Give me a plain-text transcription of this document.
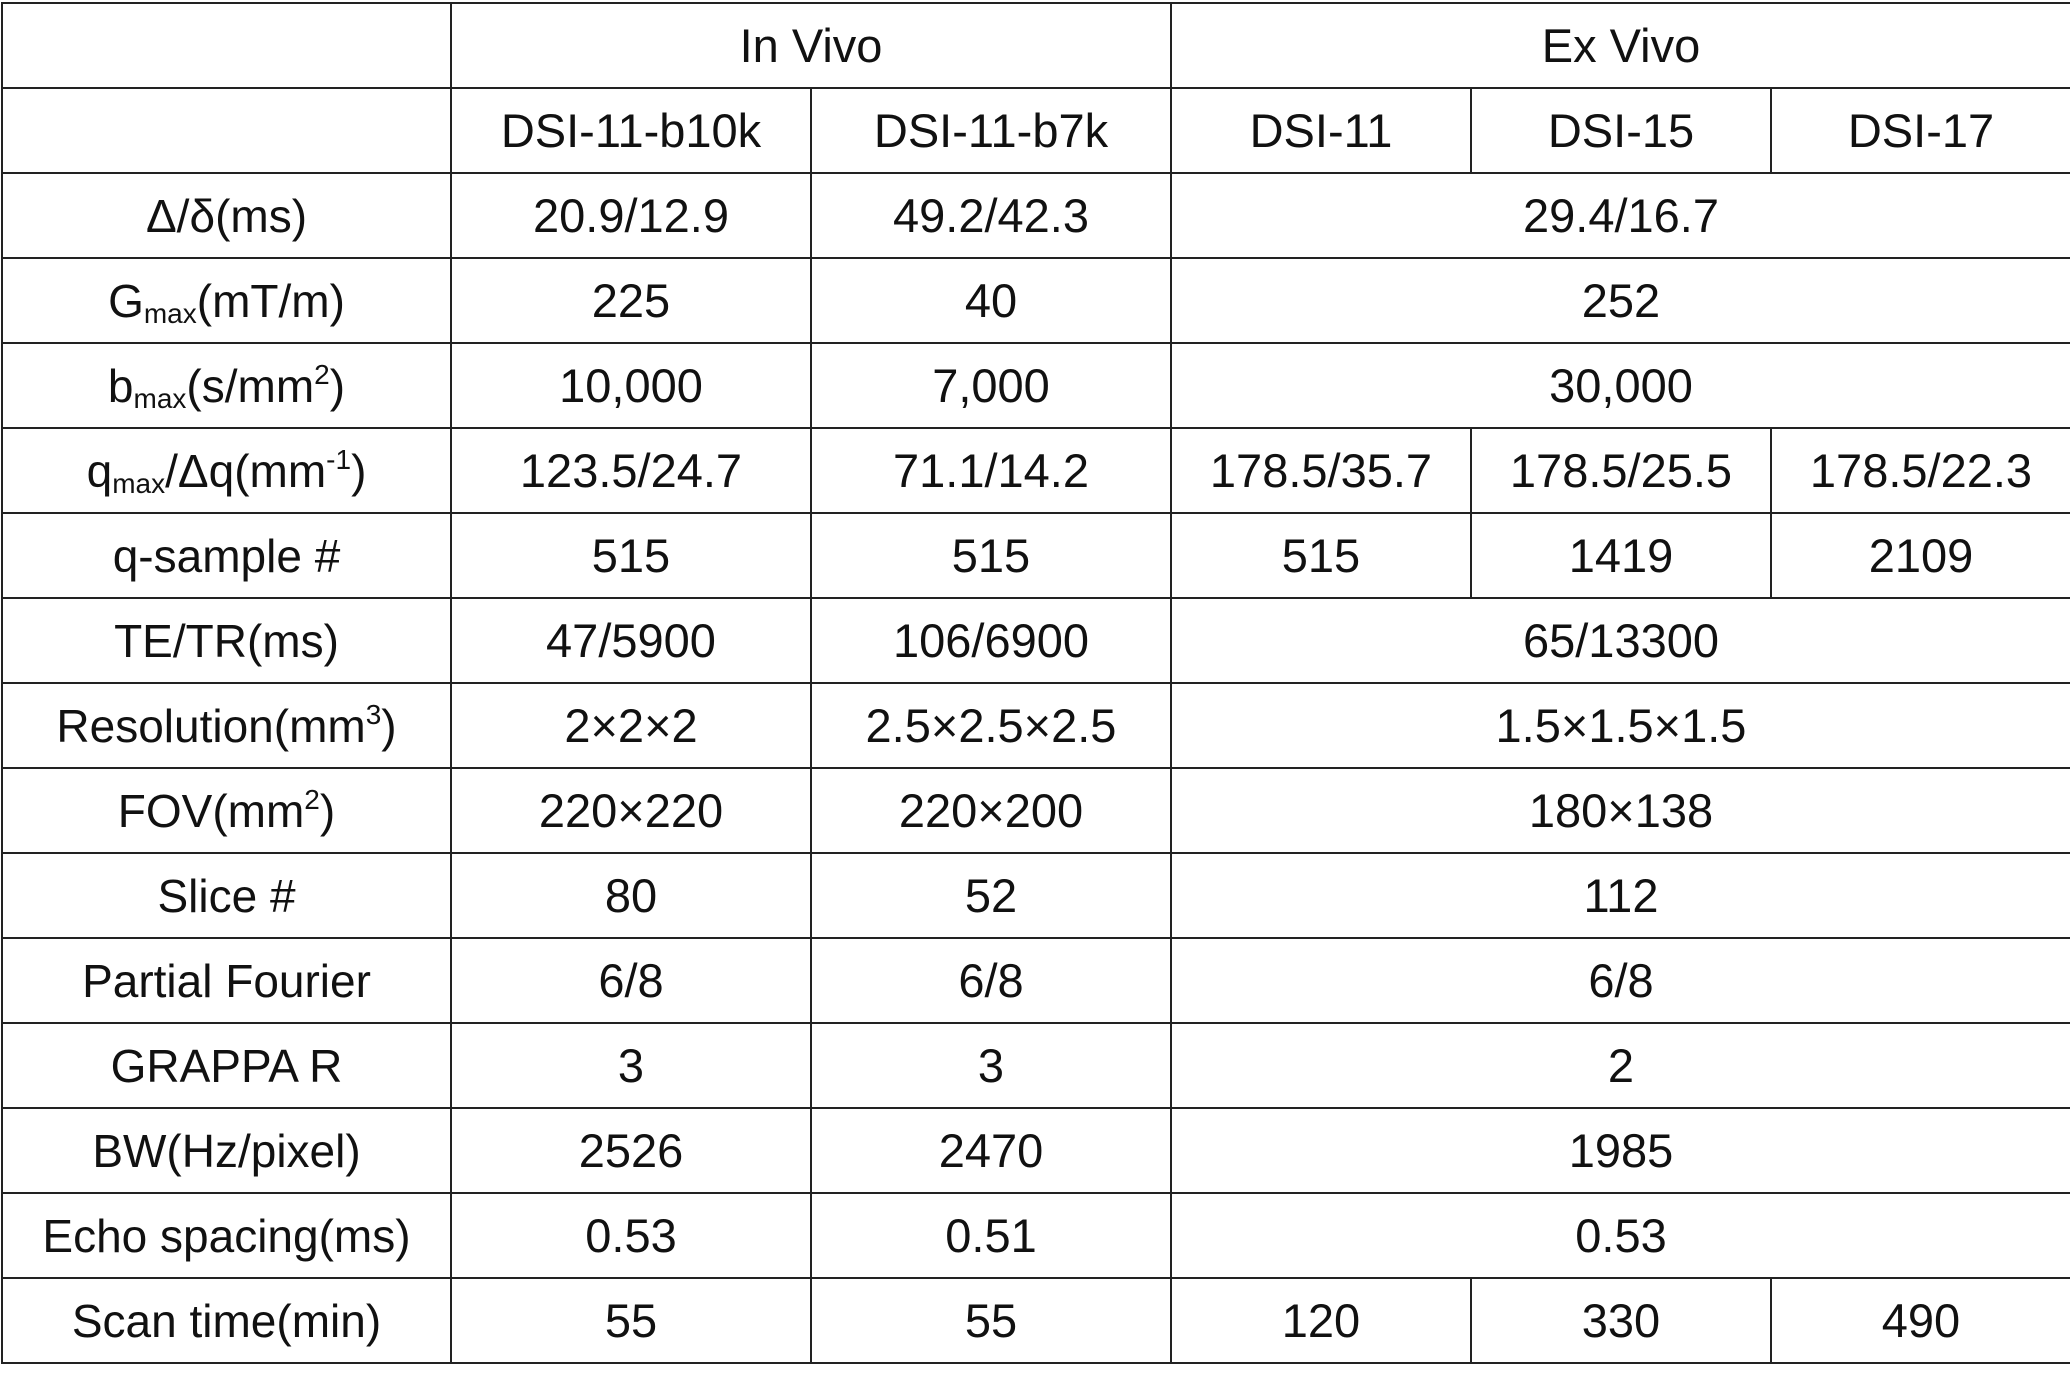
	In Vivo		Ex Vivo		
	DSI-11-b10k	DSI-11-b7k	DSI-11	DSI-15	DSI-17
Δ/δ(ms)	20.9/12.9	49.2/42.3	29.4/16.7		
$G_{max}(mT/m)$	225	40	252		
$b_{max}(s/mm^2)$	10,000	7,000	30,000		
$q_{max}/\Delta q(mm^{-1})$	123.5/24.7	71.1/14.2	178.5/35.7	178.5/25.5	178.5/22.3
q-sample #	515	515	515	1419	2109
TE/TR(ms)	47/5900	106/6900	65/13300		
$Resolution(mm^3)$	2×2×2	2.5×2.5×2.5	1.5×1.5×1.5		
$FOV(mm^2)$	220×220	220×200	180×138		
Slice #	80	52	112		
Partial Fourier	6/8	6/8	6/8		
GRAPPA R	3	3	2		
BW(Hz/pixel)	2526	2470	1985		
Echo spacing(ms)	0.53	0.51	0.53		
Scan time(min)	55	55	120	330	490
